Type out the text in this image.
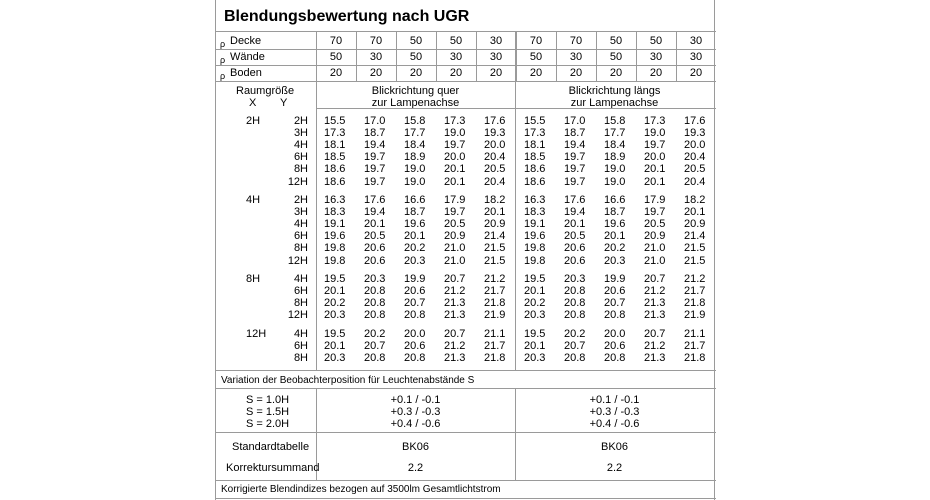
Blendungsbewertung nach UGR
ρ Decke	70	70	50	50	30	70	70	50	50	30
ρ Wände	50	30	50	30	30	50	30	50	30	30
ρ Boden	20	20	20	20	20	20	20	20	20	20
Raumgröße
X Y
Blickrichtung quer
zur Lampenachse
Blickrichtung längs
zur Lampenachse
2H	2H 15.5 17.0 15.8 17.3 17.6 15.5 17.0 15.8 17.3 17.6
3H 17.3 18.7 17.7 19.0 19.3 17.3 18.7 17.7 19.0 19.3
4H 18.1 19.4 18.4 19.7 20.0 18.1 19.4 18.4 19.7 20.0
6H 18.5 19.7 18.9 20.0 20.4 18.5 19.7 18.9 20.0 20.4
8H 18.6 19.7 19.0 20.1 20.5 18.6 19.7 19.0 20.1 20.5
12H 18.6 19.7 19.0 20.1 20.4 18.6 19.7 19.0 20.1 20.4
4H	2H 16.3 17.6 16.6 17.9 18.2 16.3 17.6 16.6 17.9 18.2
3H 18.3 19.4 18.7 19.7 20.1 18.3 19.4 18.7 19.7 20.1
4H 19.1 20.1 19.6 20.5 20.9 19.1 20.1 19.6 20.5 20.9
6H 19.6 20.5 20.1 20.9 21.4 19.6 20.5 20.1 20.9 21.4
8H 19.8 20.6 20.2 21.0 21.5 19.8 20.6 20.2 21.0 21.5
12H 19.8 20.6 20.3 21.0 21.5 19.8 20.6 20.3 21.0 21.5
8H	4H 19.5 20.3 19.9 20.7 21.2 19.5 20.3 19.9 20.7 21.2
6H 20.1 20.8 20.6 21.2 21.7 20.1 20.8 20.6 21.2 21.7
8H 20.2 20.8 20.7 21.3 21.8 20.2 20.8 20.7 21.3 21.8
12H 20.3 20.8 20.8 21.3 21.9 20.3 20.8 20.8 21.3 21.9
12H	4H 19.5 20.2 20.0 20.7 21.1 19.5 20.2 20.0 20.7 21.1
6H 20.1 20.7 20.6 21.2 21.7 20.1 20.7 20.6 21.2 21.7
8H 20.3 20.8 20.8 21.3 21.8 20.3 20.8 20.8 21.3 21.8
Variation der Beobachterposition für Leuchtenabstände S
S = 1.0H	+0.1 / -0.1	+0.1 / -0.1
S = 1.5H	+0.3 / -0.3	+0.3 / -0.3
S = 2.0H	+0.4 / -0.6	+0.4 / -0.6
Standardtabelle	BK06	BK06
Korrektursummand	2.2	2.2
Korrigierte Blendindizes bezogen auf 3500lm Gesamtlichtstrom
